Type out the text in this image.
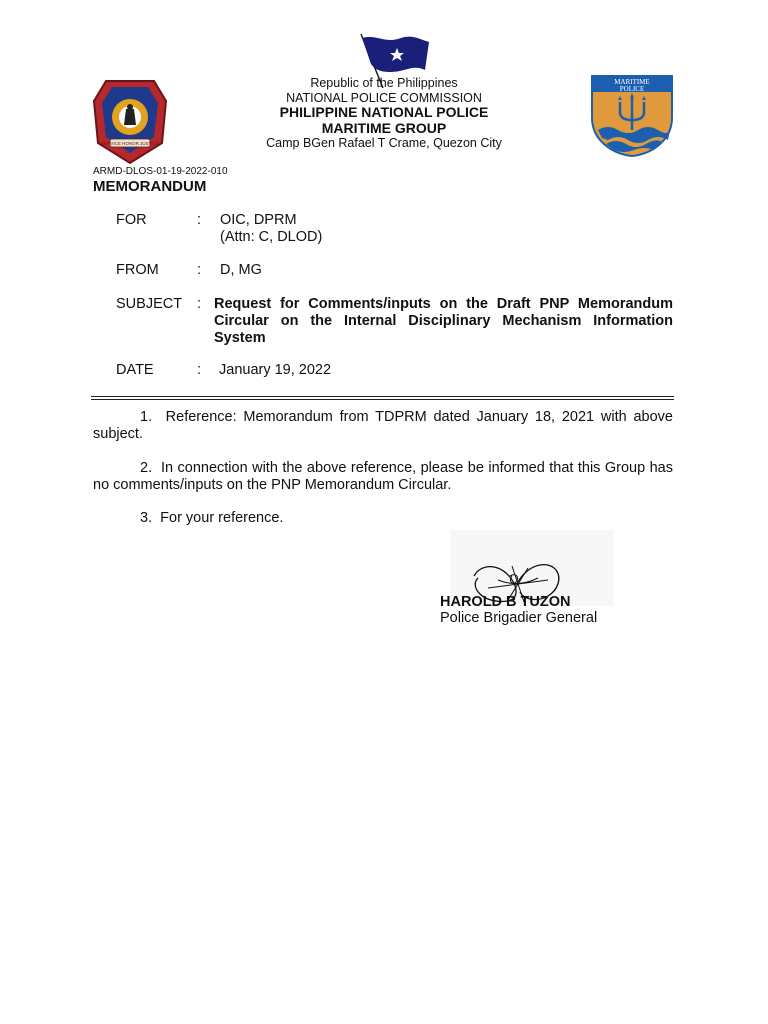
SERVICE HONOR JUSTICE
MARITIME
POLICE
Republic of the Philippines
NATIONAL POLICE COMMISSION
PHILIPPINE NATIONAL POLICE
MARITIME GROUP
Camp BGen Rafael T Crame, Quezon City
ARMD-DLOS-01-19-2022-010
MEMORANDUM
FOR	: OIC, DPRM
(Attn: C, DLOD)
FROM	: D, MG
SUBJECT : Request for Comments/inputs on the Draft PNP Memorandum Circular on the Internal Disciplinary Mechanism Information System
DATE	: January 19, 2022
1. Reference: Memorandum from TDPRM dated January 18, 2021 with above subject.
2. In connection with the above reference, please be informed that this Group has no comments/inputs on the PNP Memorandum Circular.
3. For your reference.
HAROLD B TUZON
Police Brigadier General
